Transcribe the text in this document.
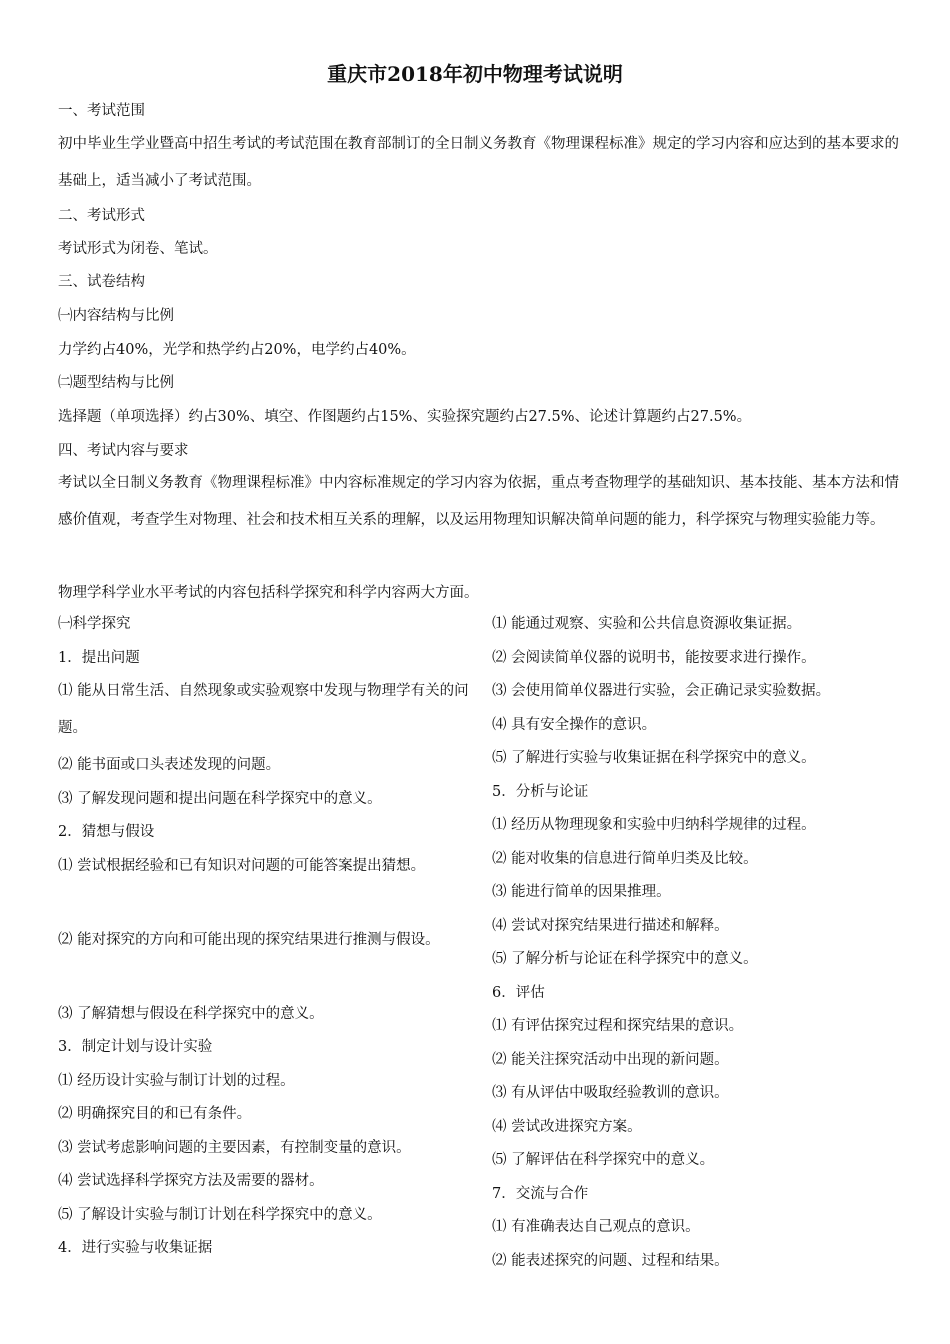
重庆市2018年初中物理考试说明
一、考试范围
初中毕业生学业暨高中招生考试的考试范围在教育部制订的全日制义务教育《物理课程标准》规定的学习内容和应达到的基本要求的基础上，适当减小了考试范围。
二、考试形式
考试形式为闭卷、笔试。
三、试卷结构
㈠内容结构与比例
力学约占40%，光学和热学约占20%，电学约占40%。
㈡题型结构与比例
选择题（单项选择）约占30%、填空、作图题约占15%、实验探究题约占27.5%、论述计算题约占27.5%。
四、考试内容与要求
考试以全日制义务教育《物理课程标准》中内容标准规定的学习内容为依据，重点考查物理学的基础知识、基本技能、基本方法和情感价值观，考查学生对物理、社会和技术相互关系的理解，以及运用物理知识解决简单问题的能力，科学探究与物理实验能力等。
物理学科学业水平考试的内容包括科学探究和科学内容两大方面。
㈠科学探究
1．提出问题
⑴ 能从日常生活、自然现象或实验观察中发现与物理学有关的问题。
⑵ 能书面或口头表述发现的问题。
⑶ 了解发现问题和提出问题在科学探究中的意义。
2．猜想与假设
⑴ 尝试根据经验和已有知识对问题的可能答案提出猜想。
⑵ 能对探究的方向和可能出现的探究结果进行推测与假设。
⑶ 了解猜想与假设在科学探究中的意义。
3．制定计划与设计实验
⑴ 经历设计实验与制订计划的过程。
⑵ 明确探究目的和已有条件。
⑶ 尝试考虑影响问题的主要因素，有控制变量的意识。
⑷ 尝试选择科学探究方法及需要的器材。
⑸ 了解设计实验与制订计划在科学探究中的意义。
4．进行实验与收集证据
⑴ 能通过观察、实验和公共信息资源收集证据。
⑵ 会阅读简单仪器的说明书，能按要求进行操作。
⑶ 会使用简单仪器进行实验，会正确记录实验数据。
⑷ 具有安全操作的意识。
⑸ 了解进行实验与收集证据在科学探究中的意义。
5．分析与论证
⑴ 经历从物理现象和实验中归纳科学规律的过程。
⑵ 能对收集的信息进行简单归类及比较。
⑶ 能进行简单的因果推理。
⑷ 尝试对探究结果进行描述和解释。
⑸ 了解分析与论证在科学探究中的意义。
6．评估
⑴ 有评估探究过程和探究结果的意识。
⑵ 能关注探究活动中出现的新问题。
⑶ 有从评估中吸取经验教训的意识。
⑷ 尝试改进探究方案。
⑸ 了解评估在科学探究中的意义。
7．交流与合作
⑴ 有准确表达自己观点的意识。
⑵ 能表述探究的问题、过程和结果。
